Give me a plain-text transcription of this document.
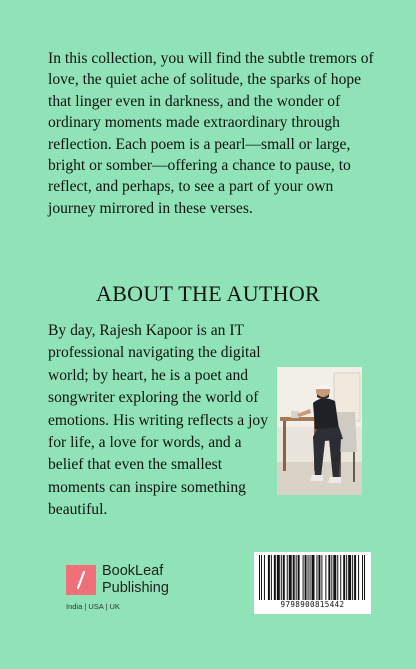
In this collection, you will find the subtle tremors of love, the quiet ache of solitude, the sparks of hope that linger even in darkness, and the wonder of ordinary moments made extraordinary through reflection. Each poem is a pearl—small or large, bright or somber—offering a chance to pause, to reflect, and perhaps, to see a part of your own journey mirrored in these verses.

ABOUT THE AUTHOR

By day, Rajesh Kapoor is an IT professional navigating the digital world; by heart, he is a poet and songwriter exploring the world of emotions. His writing reflects a joy for life, a love for words, and a belief that even the smallest moments can inspire something beautiful.

BookLeaf
Publishing
India | USA | UK	9798900815442
